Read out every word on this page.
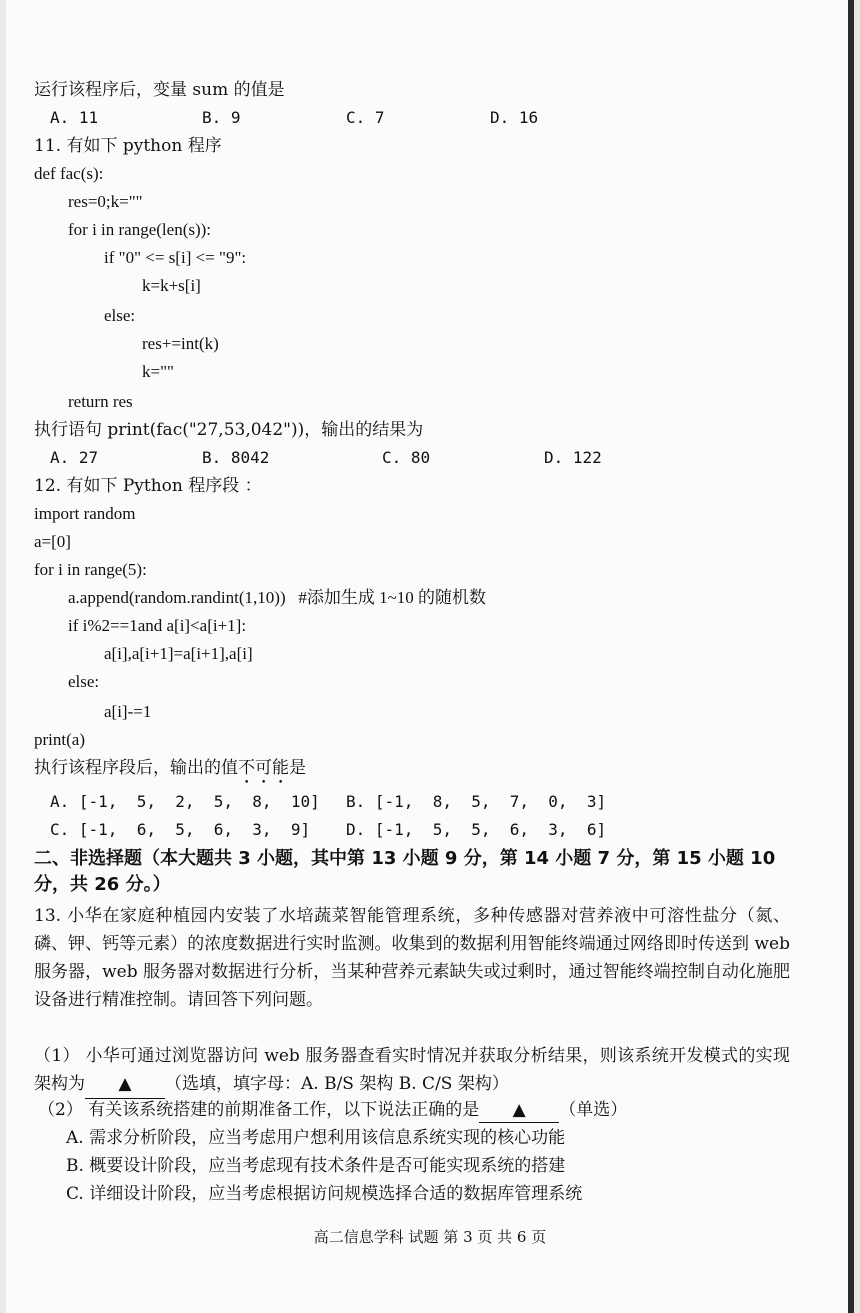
运行该程序后，变量 sum 的值是
A. 11	B. 9	C. 7	D. 16
11. 有如下 python 程序
def fac(s):
res=0;k=""
for i in range(len(s)):
if "0" <= s[i] <= "9":
k=k+s[i]
else:
res+=int(k)
k=""
return res
执行语句 print(fac("27,53,042"))，输出的结果为
A. 27	B. 8042	C. 80	D. 122
12. 有如下 Python 程序段 ：
import random
a=[0]
for i in range(5):
a.append(random.randint(1,10))   #添加生成 1~10 的随机数
if i%2==1and a[i]<a[i+1]:
a[i],a[i+1]=a[i+1],a[i]
else:
a[i]-=1
print(a)
执行该程序段后，输出的值不可能是
A. [-1,  5,  2,  5,  8,  10] B. [-1,  8,  5,  7,  0,  3]
C. [-1,  6,  5,  6,  3,  9] D. [-1,  5,  5,  6,  3,  6]
二、非选择题（本大题共 3 小题，其中第 13 小题 9 分，第 14 小题 7 分，第 15 小题 10 分，共 26 分。）
13. 小华在家庭种植园内安装了水培蔬菜智能管理系统，多种传感器对营养液中可溶性盐分（氮、磷、钾、钙等元素）的浓度数据进行实时监测。收集到的数据利用智能终端通过网络即时传送到 web 服务器，web 服务器对数据进行分析，当某种营养元素缺失或过剩时，通过智能终端控制自动化施肥设备进行精准控制。请回答下列问题。
（1） 小华可通过浏览器访问 web 服务器查看实时情况并获取分析结果，则该系统开发模式的实现架构为 ▲ （选填，填字母：A. B/S 架构 B. C/S 架构）
（2） 有关该系统搭建的前期准备工作，以下说法正确的是 ▲ （单选）
A. 需求分析阶段，应当考虑用户想利用该信息系统实现的核心功能
B. 概要设计阶段，应当考虑现有技术条件是否可能实现系统的搭建
C. 详细设计阶段，应当考虑根据访问规模选择合适的数据库管理系统
高二信息学科 试题 第 3 页 共 6 页
